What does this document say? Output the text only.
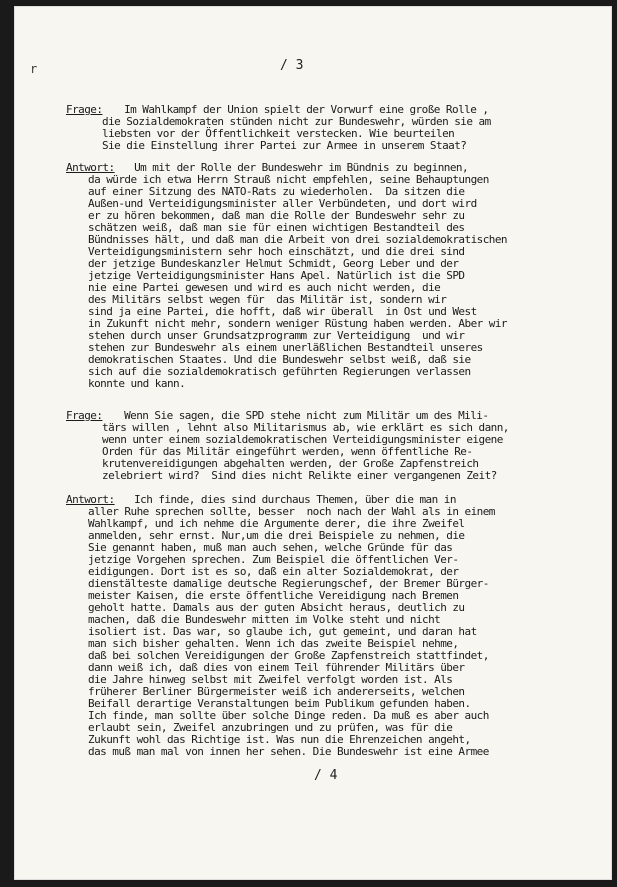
r	/ 3
Frage: Im Wahlkampf der Union spielt der Vorwurf eine große Rolle ,
die Sozialdemokraten stünden nicht zur Bundeswehr, würden sie am
liebsten vor der Öffentlichkeit verstecken. Wie beurteilen
Sie die Einstellung ihrer Partei zur Armee in unserem Staat?
Antwort: Um mit der Rolle der Bundeswehr im Bündnis zu beginnen,
da würde ich etwa Herrn Strauß nicht empfehlen, seine Behauptungen
auf einer Sitzung des NATO-Rats zu wiederholen.  Da sitzen die
Außen-und Verteidigungsminister aller Verbündeten, und dort wird
er zu hören bekommen, daß man die Rolle der Bundeswehr sehr zu
schätzen weiß, daß man sie für einen wichtigen Bestandteil des
Bündnisses hält, und daß man die Arbeit von drei sozialdemokratischen
Verteidigungsministern sehr hoch einschätzt, und die drei sind
der jetzige Bundeskanzler Helmut Schmidt, Georg Leber und der
jetzige Verteidigungsminister Hans Apel. Natürlich ist die SPD
nie eine Partei gewesen und wird es auch nicht werden, die
des Militärs selbst wegen für  das Militär ist, sondern wir
sind ja eine Partei, die hofft, daß wir überall  in Ost und West
in Zukunft nicht mehr, sondern weniger Rüstung haben werden. Aber wir
stehen durch unser Grundsatzprogramm zur Verteidigung  und wir
stehen zur Bundeswehr als einem unerläßlichen Bestandteil unseres
demokratischen Staates. Und die Bundeswehr selbst weiß, daß sie
sich auf die sozialdemokratisch geführten Regierungen verlassen
konnte und kann.
Frage: Wenn Sie sagen, die SPD stehe nicht zum Militär um des Mili-
tärs willen , lehnt also Militarismus ab, wie erklärt es sich dann,
wenn unter einem sozialdemokratischen Verteidigungsminister eigene
Orden für das Militär eingeführt werden, wenn öffentliche Re-
krutenvereidigungen abgehalten werden, der Große Zapfenstreich
zelebriert wird?  Sind dies nicht Relikte einer vergangenen Zeit?
Antwort: Ich finde, dies sind durchaus Themen, über die man in
aller Ruhe sprechen sollte, besser  noch nach der Wahl als in einem
Wahlkampf, und ich nehme die Argumente derer, die ihre Zweifel
anmelden, sehr ernst. Nur,um die drei Beispiele zu nehmen, die
Sie genannt haben, muß man auch sehen, welche Gründe für das
jetzige Vorgehen sprechen. Zum Beispiel die öffentlichen Ver-
eidigungen. Dort ist es so, daß ein alter Sozialdemokrat, der
dienstälteste damalige deutsche Regierungschef, der Bremer Bürger-
meister Kaisen, die erste öffentliche Vereidigung nach Bremen
geholt hatte. Damals aus der guten Absicht heraus, deutlich zu
machen, daß die Bundeswehr mitten im Volke steht und nicht
isoliert ist. Das war, so glaube ich, gut gemeint, und daran hat
man sich bisher gehalten. Wenn ich das zweite Beispiel nehme,
daß bei solchen Vereidigungen der Große Zapfenstreich stattfindet,
dann weiß ich, daß dies von einem Teil führender Militärs über
die Jahre hinweg selbst mit Zweifel verfolgt worden ist. Als
früherer Berliner Bürgermeister weiß ich andererseits, welchen
Beifall derartige Veranstaltungen beim Publikum gefunden haben.
Ich finde, man sollte über solche Dinge reden. Da muß es aber auch
erlaubt sein, Zweifel anzubringen und zu prüfen, was für die
Zukunft wohl das Richtige ist. Was nun die Ehrenzeichen angeht,
das muß man mal von innen her sehen. Die Bundeswehr ist eine Armee
/ 4
